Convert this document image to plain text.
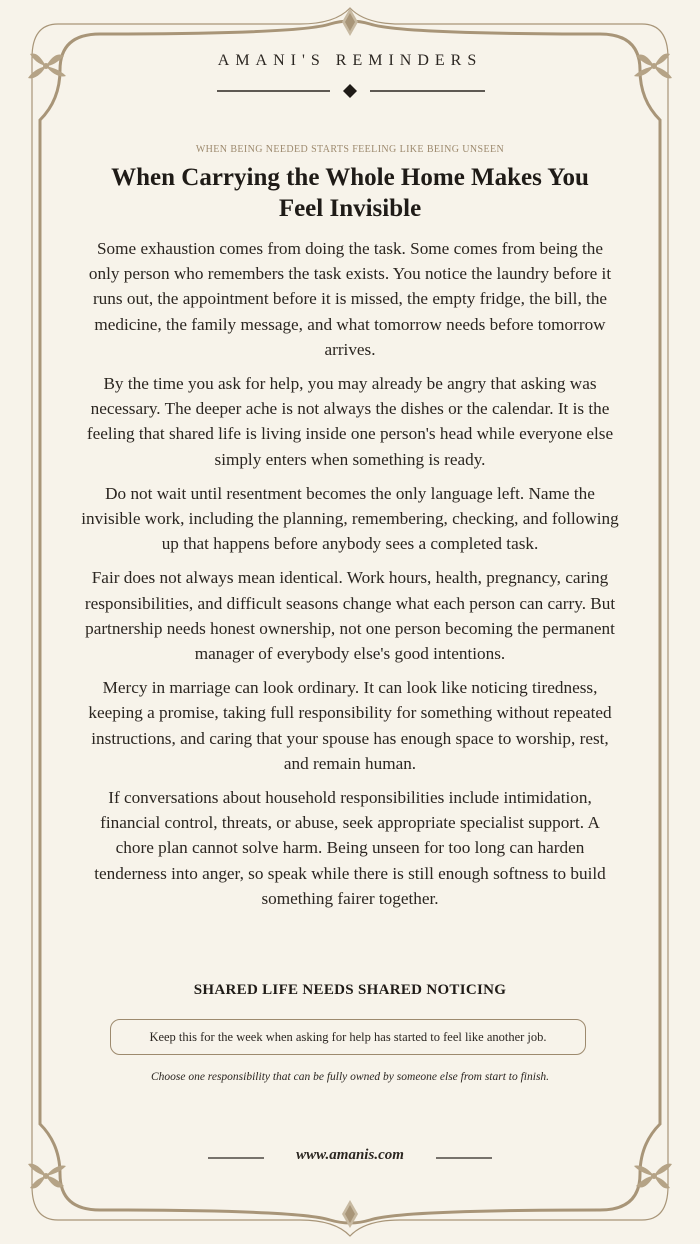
AMANI'S REMINDERS
WHEN BEING NEEDED STARTS FEELING LIKE BEING UNSEEN
When Carrying the Whole Home Makes You Feel Invisible

Some exhaustion comes from doing the task. Some comes from being the only person who remembers the task exists. You notice the laundry before it runs out, the appointment before it is missed, the empty fridge, the bill, the medicine, the family message, and what tomorrow needs before tomorrow arrives.

By the time you ask for help, you may already be angry that asking was necessary. The deeper ache is not always the dishes or the calendar. It is the feeling that shared life is living inside one person's head while everyone else simply enters when something is ready.

Do not wait until resentment becomes the only language left. Name the invisible work, including the planning, remembering, checking, and following up that happens before anybody sees a completed task.

Fair does not always mean identical. Work hours, health, pregnancy, caring responsibilities, and difficult seasons change what each person can carry. But partnership needs honest ownership, not one person becoming the permanent manager of everybody else's good intentions.

Mercy in marriage can look ordinary. It can look like noticing tiredness, keeping a promise, taking full responsibility for something without repeated instructions, and caring that your spouse has enough space to worship, rest, and remain human.

If conversations about household responsibilities include intimidation, financial control, threats, or abuse, seek appropriate specialist support. A chore plan cannot solve harm. Being unseen for too long can harden tenderness into anger, so speak while there is still enough softness to build something fairer together.

SHARED LIFE NEEDS SHARED NOTICING
Keep this for the week when asking for help has started to feel like another job.
Choose one responsibility that can be fully owned by someone else from start to finish.
www.amanis.com
